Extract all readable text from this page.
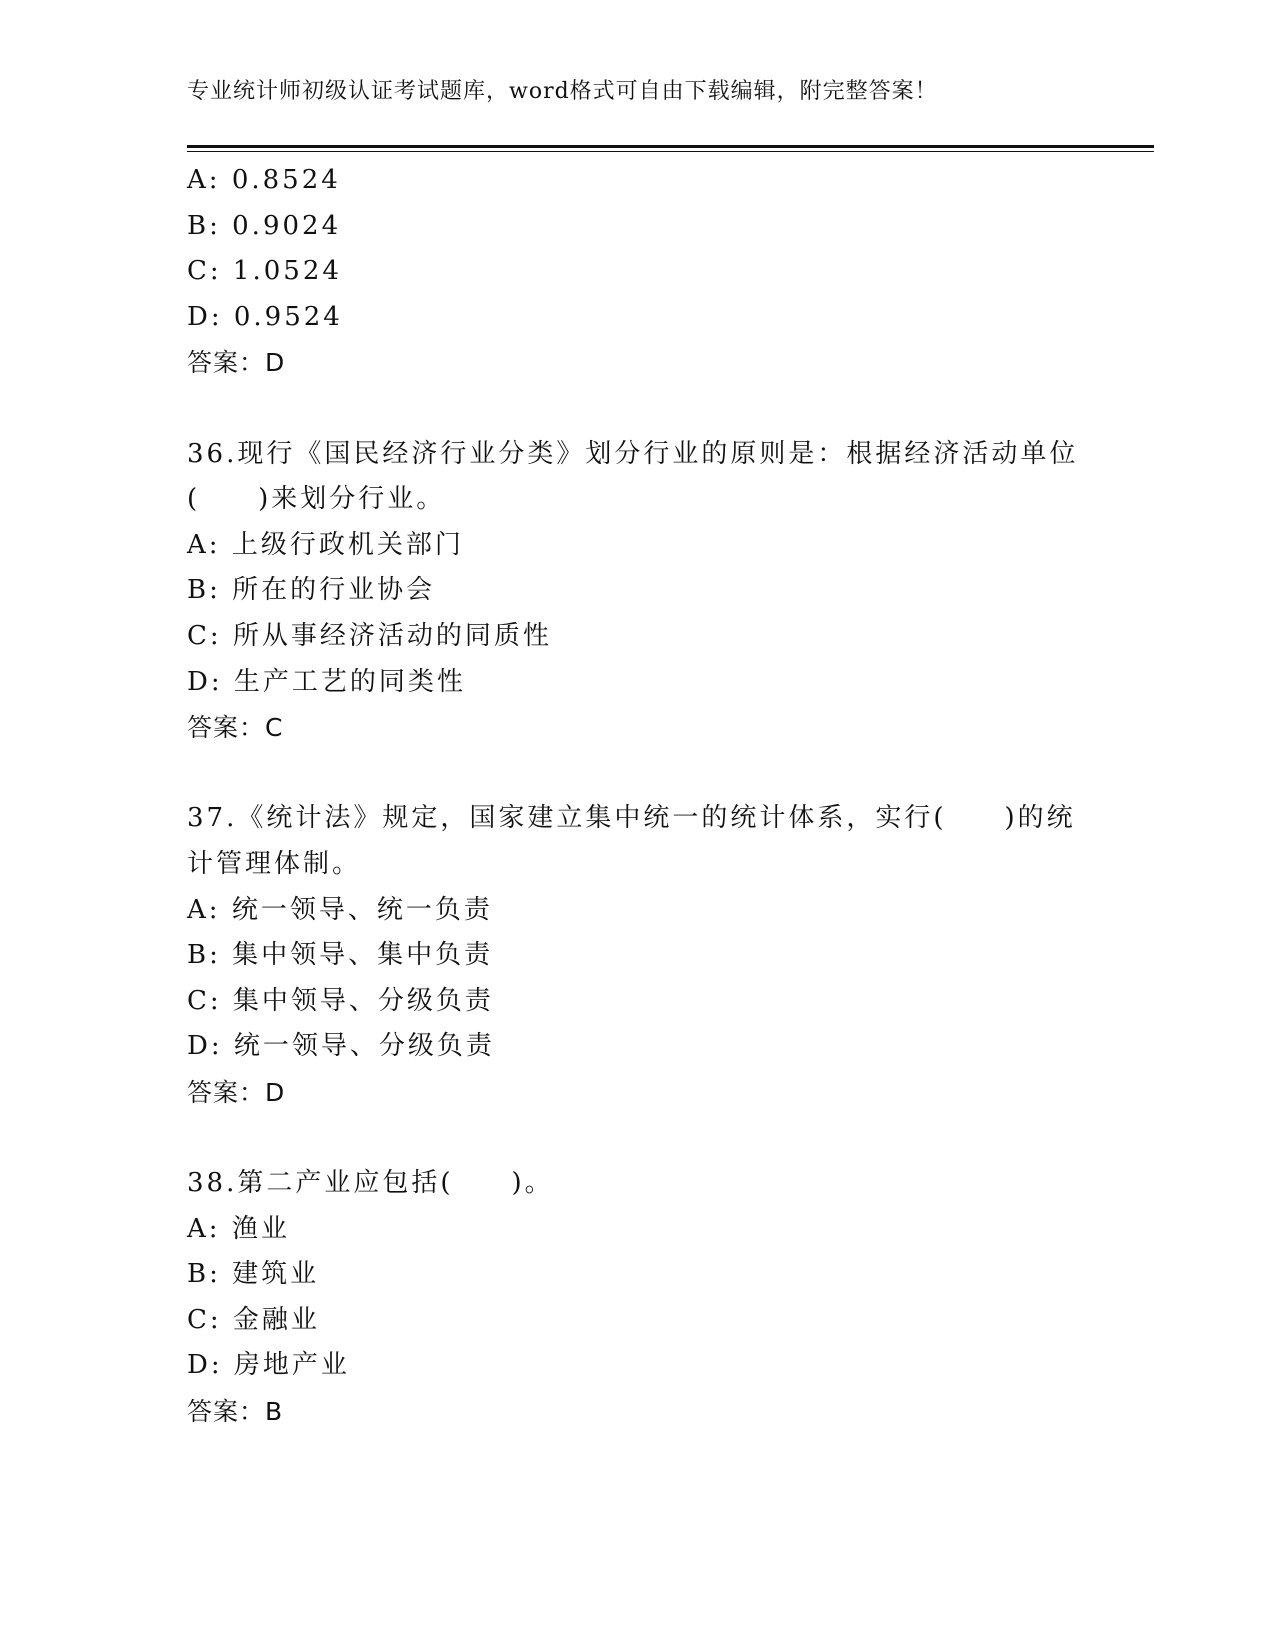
专业统计师初级认证考试题库，word格式可自由下载编辑，附完整答案！
A: 0.8524
B: 0.9024
C: 1.0524
D: 0.9524
答案：D
36.现行《国民经济行业分类》划分行业的原则是：根据经济活动单位
(　　)来划分行业。
A: 上级行政机关部门
B: 所在的行业协会
C: 所从事经济活动的同质性
D: 生产工艺的同类性
答案：C
37.《统计法》规定，国家建立集中统一的统计体系，实行(　　)的统
计管理体制。
A: 统一领导、统一负责
B: 集中领导、集中负责
C: 集中领导、分级负责
D: 统一领导、分级负责
答案：D
38.第二产业应包括(　　)。
A: 渔业
B: 建筑业
C: 金融业
D: 房地产业
答案：B
